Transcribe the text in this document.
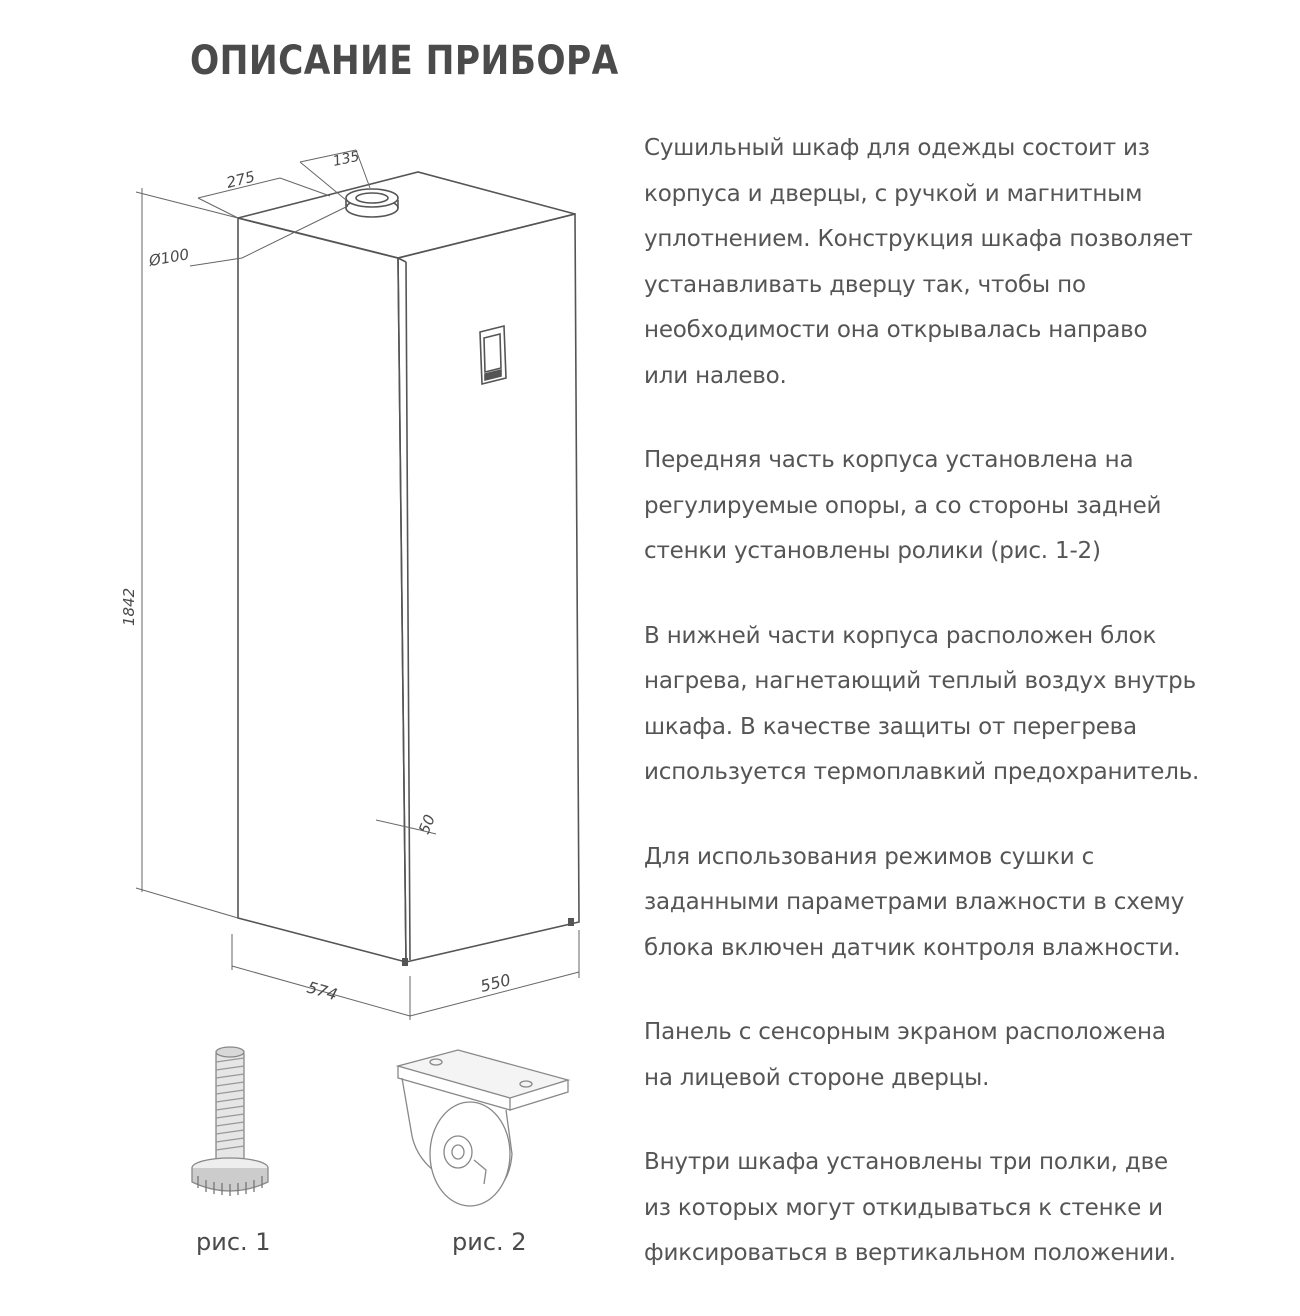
ОПИСАНИЕ ПРИБОРА
275
135
Ø100
1842
50
574	550
рис. 1	рис. 2

Сушильный шкаф для одежды состоит из
корпуса и дверцы, с ручкой и магнитным
уплотнением. Конструкция шкафа позволяет
устанавливать дверцу так, чтобы по
необходимости она открывалась направо
или налево.

Передняя часть корпуса установлена на
регулируемые опоры, а со стороны задней
стенки установлены ролики (рис. 1-2)

В нижней части корпуса расположен блок
нагрева, нагнетающий теплый воздух внутрь
шкафа. В качестве защиты от перегрева
используется термоплавкий предохранитель.

Для использования режимов сушки с
заданными параметрами влажности в схему
блока включен датчик контроля влажности.

Панель с сенсорным экраном расположена
на лицевой стороне дверцы.

Внутри шкафа установлены три полки, две
из которых могут откидываться к стенке и
фиксироваться в вертикальном положении.
